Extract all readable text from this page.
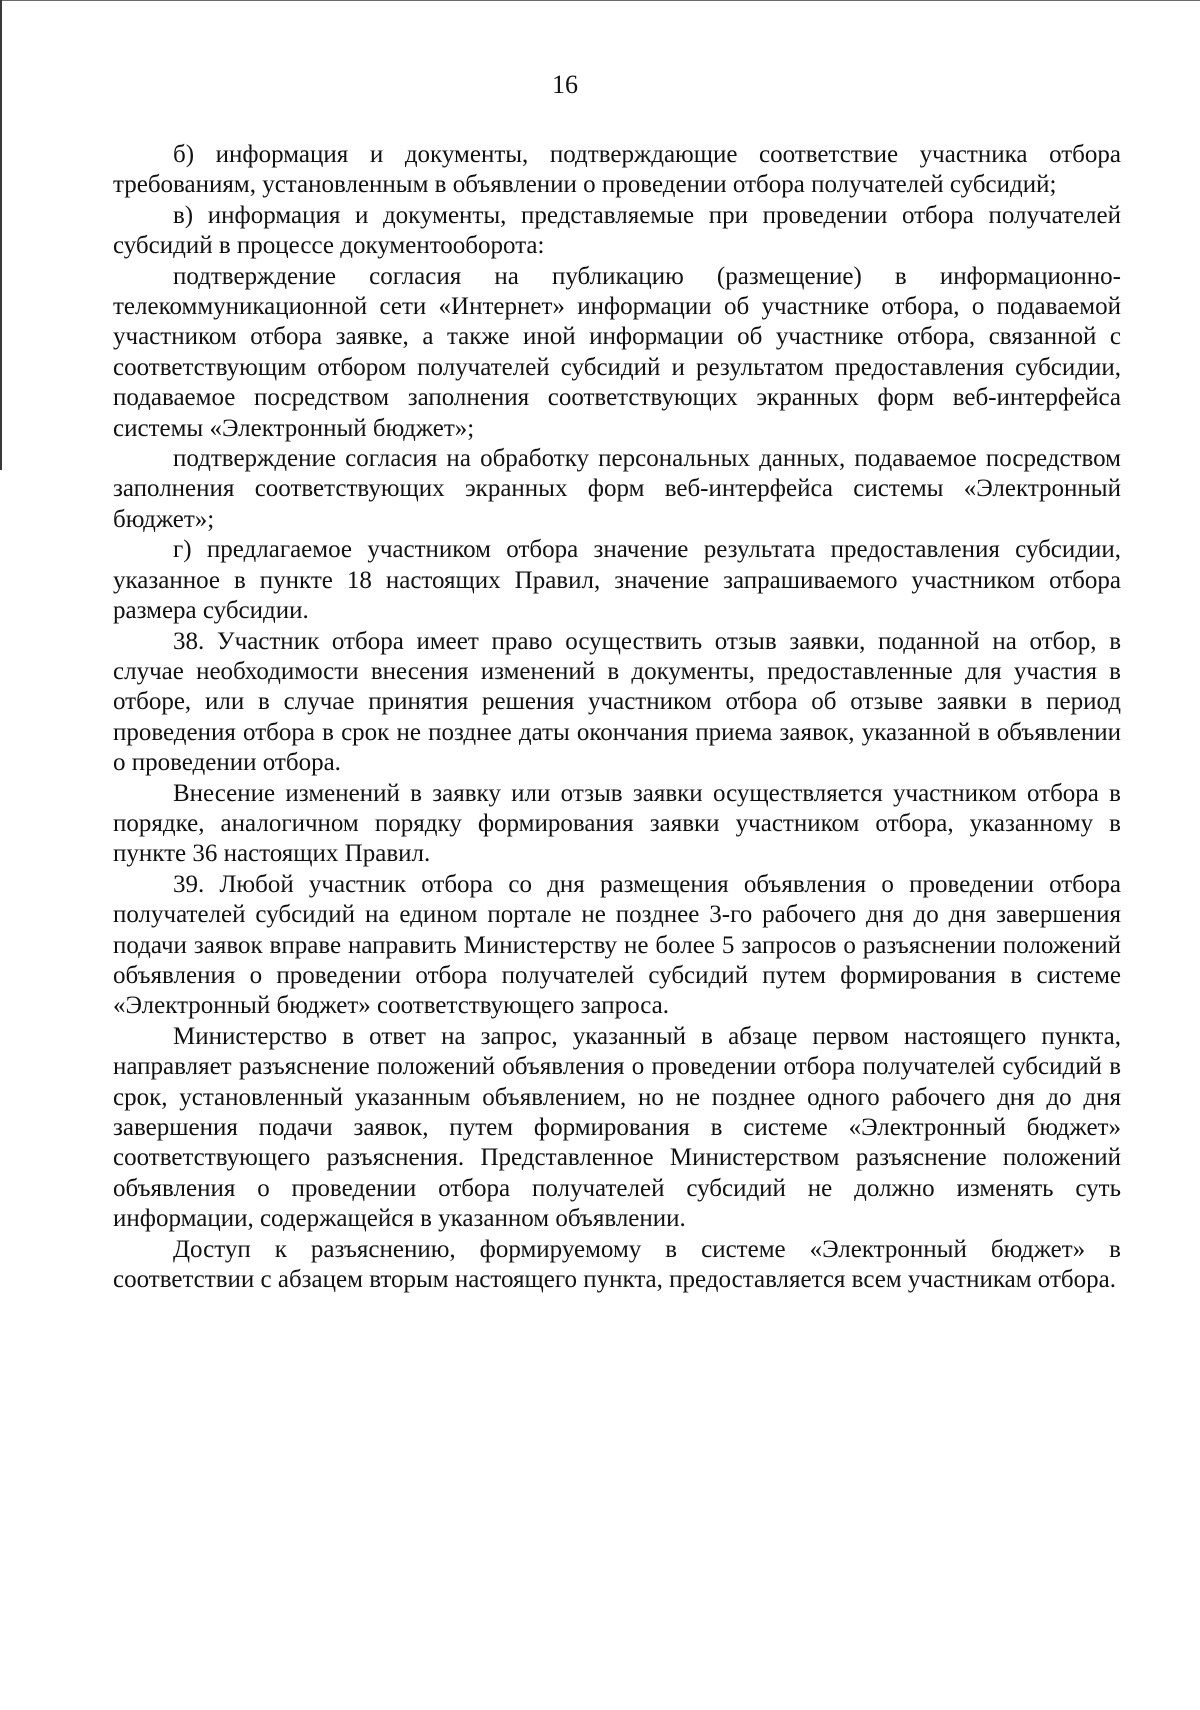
16

б) информация и документы, подтверждающие соответствие участника отбора требованиям, установленным в объявлении о проведении отбора получателей субсидий;

в) информация и документы, представляемые при проведении отбора получателей субсидий в процессе документооборота:

подтверждение согласия на публикацию (размещение) в информационно-телекоммуникационной сети «Интернет» информации об участнике отбора, о подаваемой участником отбора заявке, а также иной информации об участнике отбора, связанной с соответствующим отбором получателей субсидий и результатом предоставления субсидии, подаваемое посредством заполнения соответствующих экранных форм веб-интерфейса системы «Электронный бюджет»;

подтверждение согласия на обработку персональных данных, подаваемое посредством заполнения соответствующих экранных форм веб-интерфейса системы «Электронный бюджет»;

г) предлагаемое участником отбора значение результата предоставления субсидии, указанное в пункте 18 настоящих Правил, значение запрашиваемого участником отбора размера субсидии.

38. Участник отбора имеет право осуществить отзыв заявки, поданной на отбор, в случае необходимости внесения изменений в документы, предоставленные для участия в отборе, или в случае принятия решения участником отбора об отзыве заявки в период проведения отбора в срок не позднее даты окончания приема заявок, указанной в объявлении о проведении отбора.

Внесение изменений в заявку или отзыв заявки осуществляется участником отбора в порядке, аналогичном порядку формирования заявки участником отбора, указанному в пункте 36 настоящих Правил.

39. Любой участник отбора со дня размещения объявления о проведении отбора получателей субсидий на едином портале не позднее 3-го рабочего дня до дня завершения подачи заявок вправе направить Министерству не более 5 запросов о разъяснении положений объявления о проведении отбора получателей субсидий путем формирования в системе «Электронный бюджет» соответствующего запроса.

Министерство в ответ на запрос, указанный в абзаце первом настоящего пункта, направляет разъяснение положений объявления о проведении отбора получателей субсидий в срок, установленный указанным объявлением, но не позднее одного рабочего дня до дня завершения подачи заявок, путем формирования в системе «Электронный бюджет» соответствующего разъяснения. Представленное Министерством разъяснение положений объявления о проведении отбора получателей субсидий не должно изменять суть информации, содержащейся в указанном объявлении.

Доступ к разъяснению, формируемому в системе «Электронный бюджет» в соответствии с абзацем вторым настоящего пункта, предоставляется всем участникам отбора.
